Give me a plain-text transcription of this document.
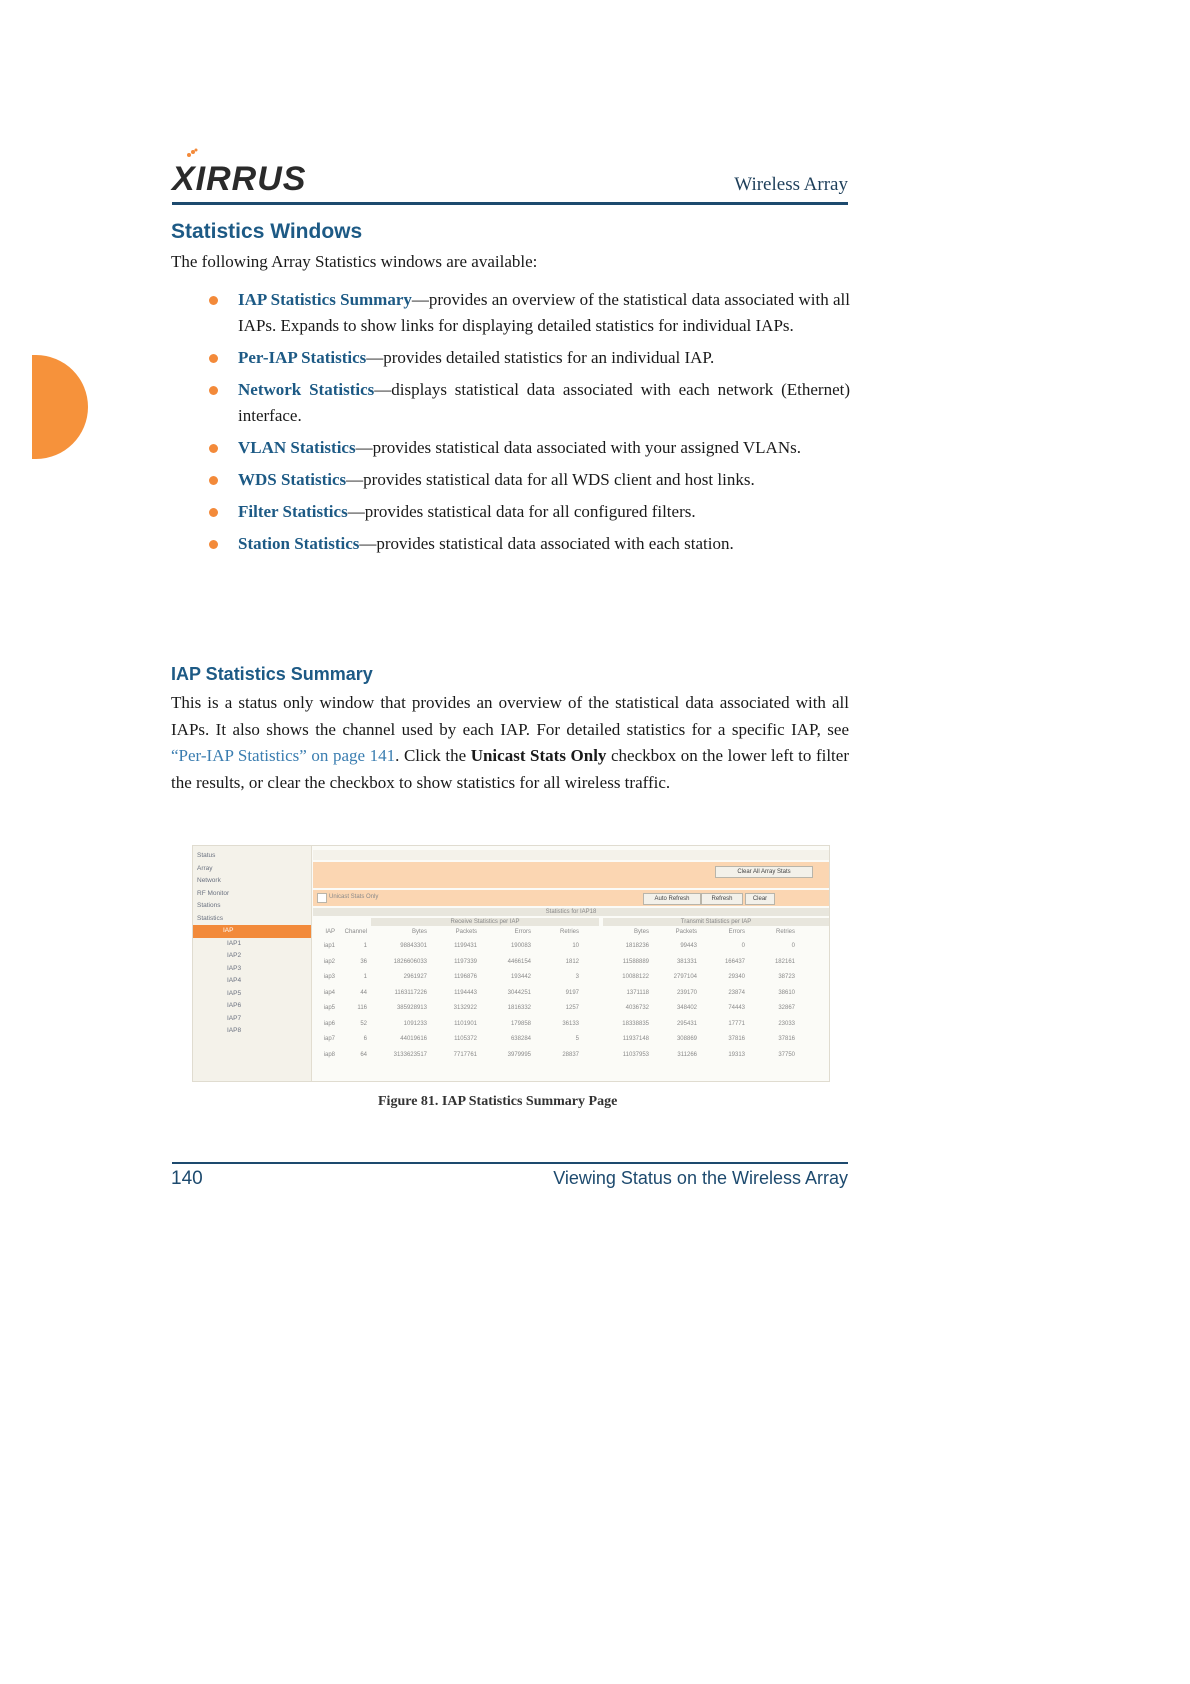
XIRRUS	Wireless Array
Statistics Windows
The following Array Statistics windows are available:
IAP Statistics Summary—provides an overview of the statistical data associated with all IAPs. Expands to show links for displaying detailed statistics for individual IAPs.
Per-IAP Statistics—provides detailed statistics for an individual IAP.
Network Statistics—displays statistical data associated with each network (Ethernet) interface.
VLAN Statistics—provides statistical data associated with your assigned VLANs.
WDS Statistics—provides statistical data for all WDS client and host links.
Filter Statistics—provides statistical data for all configured filters.
Station Statistics—provides statistical data associated with each station.
IAP Statistics Summary
This is a status only window that provides an overview of the statistical data associated with all IAPs. It also shows the channel used by each IAP. For detailed statistics for a specific IAP, see “Per-IAP Statistics” on page 141. Click the Unicast Stats Only checkbox on the lower left to filter the results, or clear the checkbox to show statistics for all wireless traffic.
Status
Array
Network
RF Monitor
Stations
Statistics
IAP
IAP1
IAP2
IAP3
IAP4
IAP5
IAP6
IAP7
IAP8
Clear All Array Stats
Unicast Stats Only	Auto Refresh	Refresh	Clear
Statistics for IAP18
Receive Statistics per IAP	Transmit Statistics per IAP
IAP	Channel	Bytes	Packets	Errors	Retries	Bytes	Packets	Errors	Retries
iap1	1	98843301	1199431	190083	10	1818236	99443	0	0
iap2	36	1826606033	1197339	4466154	1812	11588889	381331	166437	182161
iap3	1	2961927	1196876	193442	3	10088122	2797104	29340	38723
iap4	44	1163117226	1194443	3044251	9197	1371118	239170	23874	38610
iap5	116	385928913	3132922	1816332	1257	4036732	348402	74443	32867
iap6	52	1091233	1101901	179858	36133	18338835	295431	17771	23033
iap7	6	44019616	1105372	638284	5	11937148	308869	37816	37816
iap8	64	3133623517	7717761	3979995	28837	11037953	311266	19313	37750
Figure 81. IAP Statistics Summary Page
140	Viewing Status on the Wireless Array
